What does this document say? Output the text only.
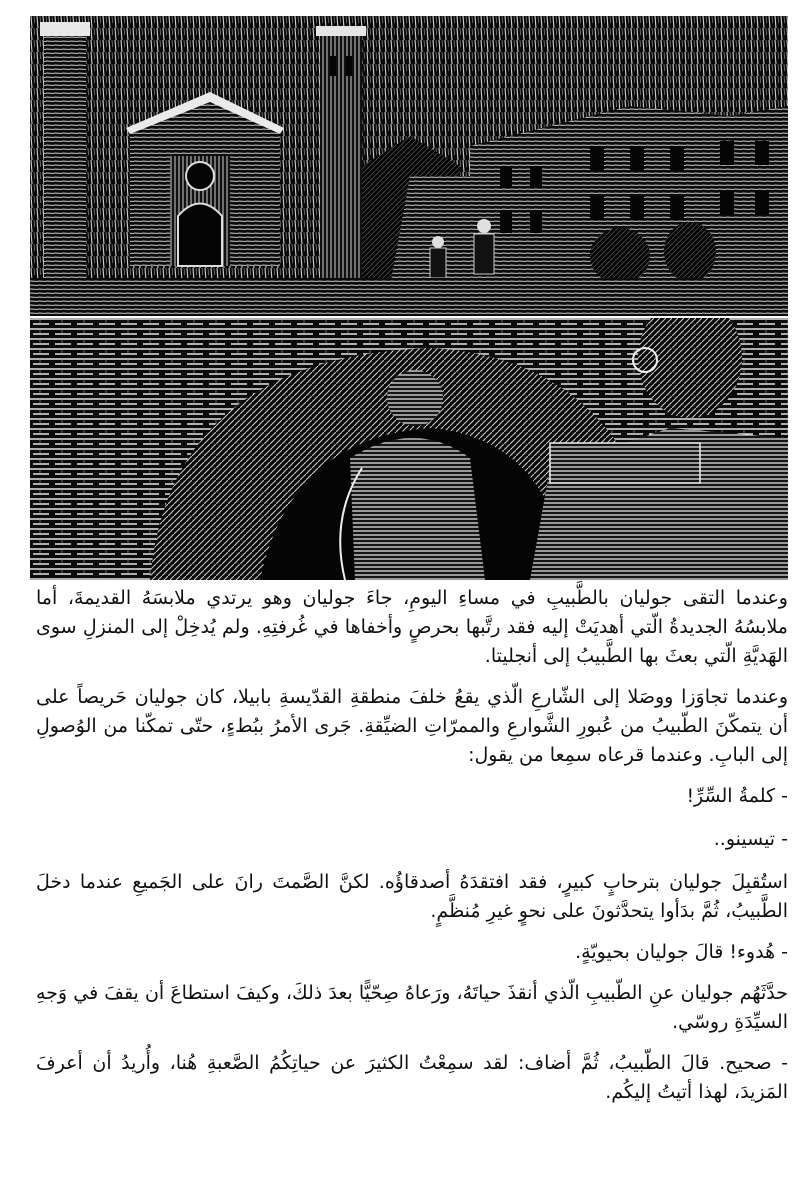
وعندما التقى جوليان بالطَّبيبِ في مساءِ اليومِ، جاءَ جوليان وهو يرتدي ملابسَهُ القديمةَ، أما ملابسُهُ الجديدةُ الّتي أهديَتْ إليه فقد رتَّبها بحرصٍ وأخفاها في غُرفتِهِ. ولم يُدخِلْ إلى المنزلِ سوى الهَديَّةِ الّتي بعثَ بها الطَّبيبُ إلى أنجليتا.

وعندما تجاوَزا ووصَلا إلى الشّارعِ الّذي يقعُ خلفَ منطقةِ القدّيسةِ بابيلا، كان جوليان حَريصاً على أن يتمكّنَ الطّبيبُ من عُبورِ الشَّوارعِ والممرّاتِ الضيِّقةِ. جَرى الأمرُ ببُطءٍ، حتّى تمكّنا من الوُصولِ إلى البابِ. وعندما قرعاه سمِعا من يقول:

- كلمةُ السِّرِّ!

- تيسينو..

استُقبِلَ جوليان بترحابٍ كبيرٍ، فقد افتقدَهُ أصدقاؤُه. لكنَّ الصَّمتَ رانَ على الجَميعِ عندما دخلَ الطَّبيبُ، ثُمَّ بدَأوا يتحدَّثونَ على نحوٍ غيرِ مُنظَّمٍ.

- هُدوء! قالَ جوليان بحيويّةٍ.

حدَّثَهُم جوليان عنِ الطّبيبِ الّذي أنقذَ حياتَهُ، ورَعاهُ صِحّيًّا بعدَ ذلكَ، وكيفَ استطاعَ أن يقفَ في وَجهِ السيِّدَةِ روسّي.

- صحيح. قالَ الطّبيبُ، ثُمَّ أضاف: لقد سمِعْتُ الكثيرَ عن حياتِكُمُ الصَّعبةِ هُنا، وأُريدُ أن أعرفَ المَزيدَ، لهذا أتيتُ إليكُم.
